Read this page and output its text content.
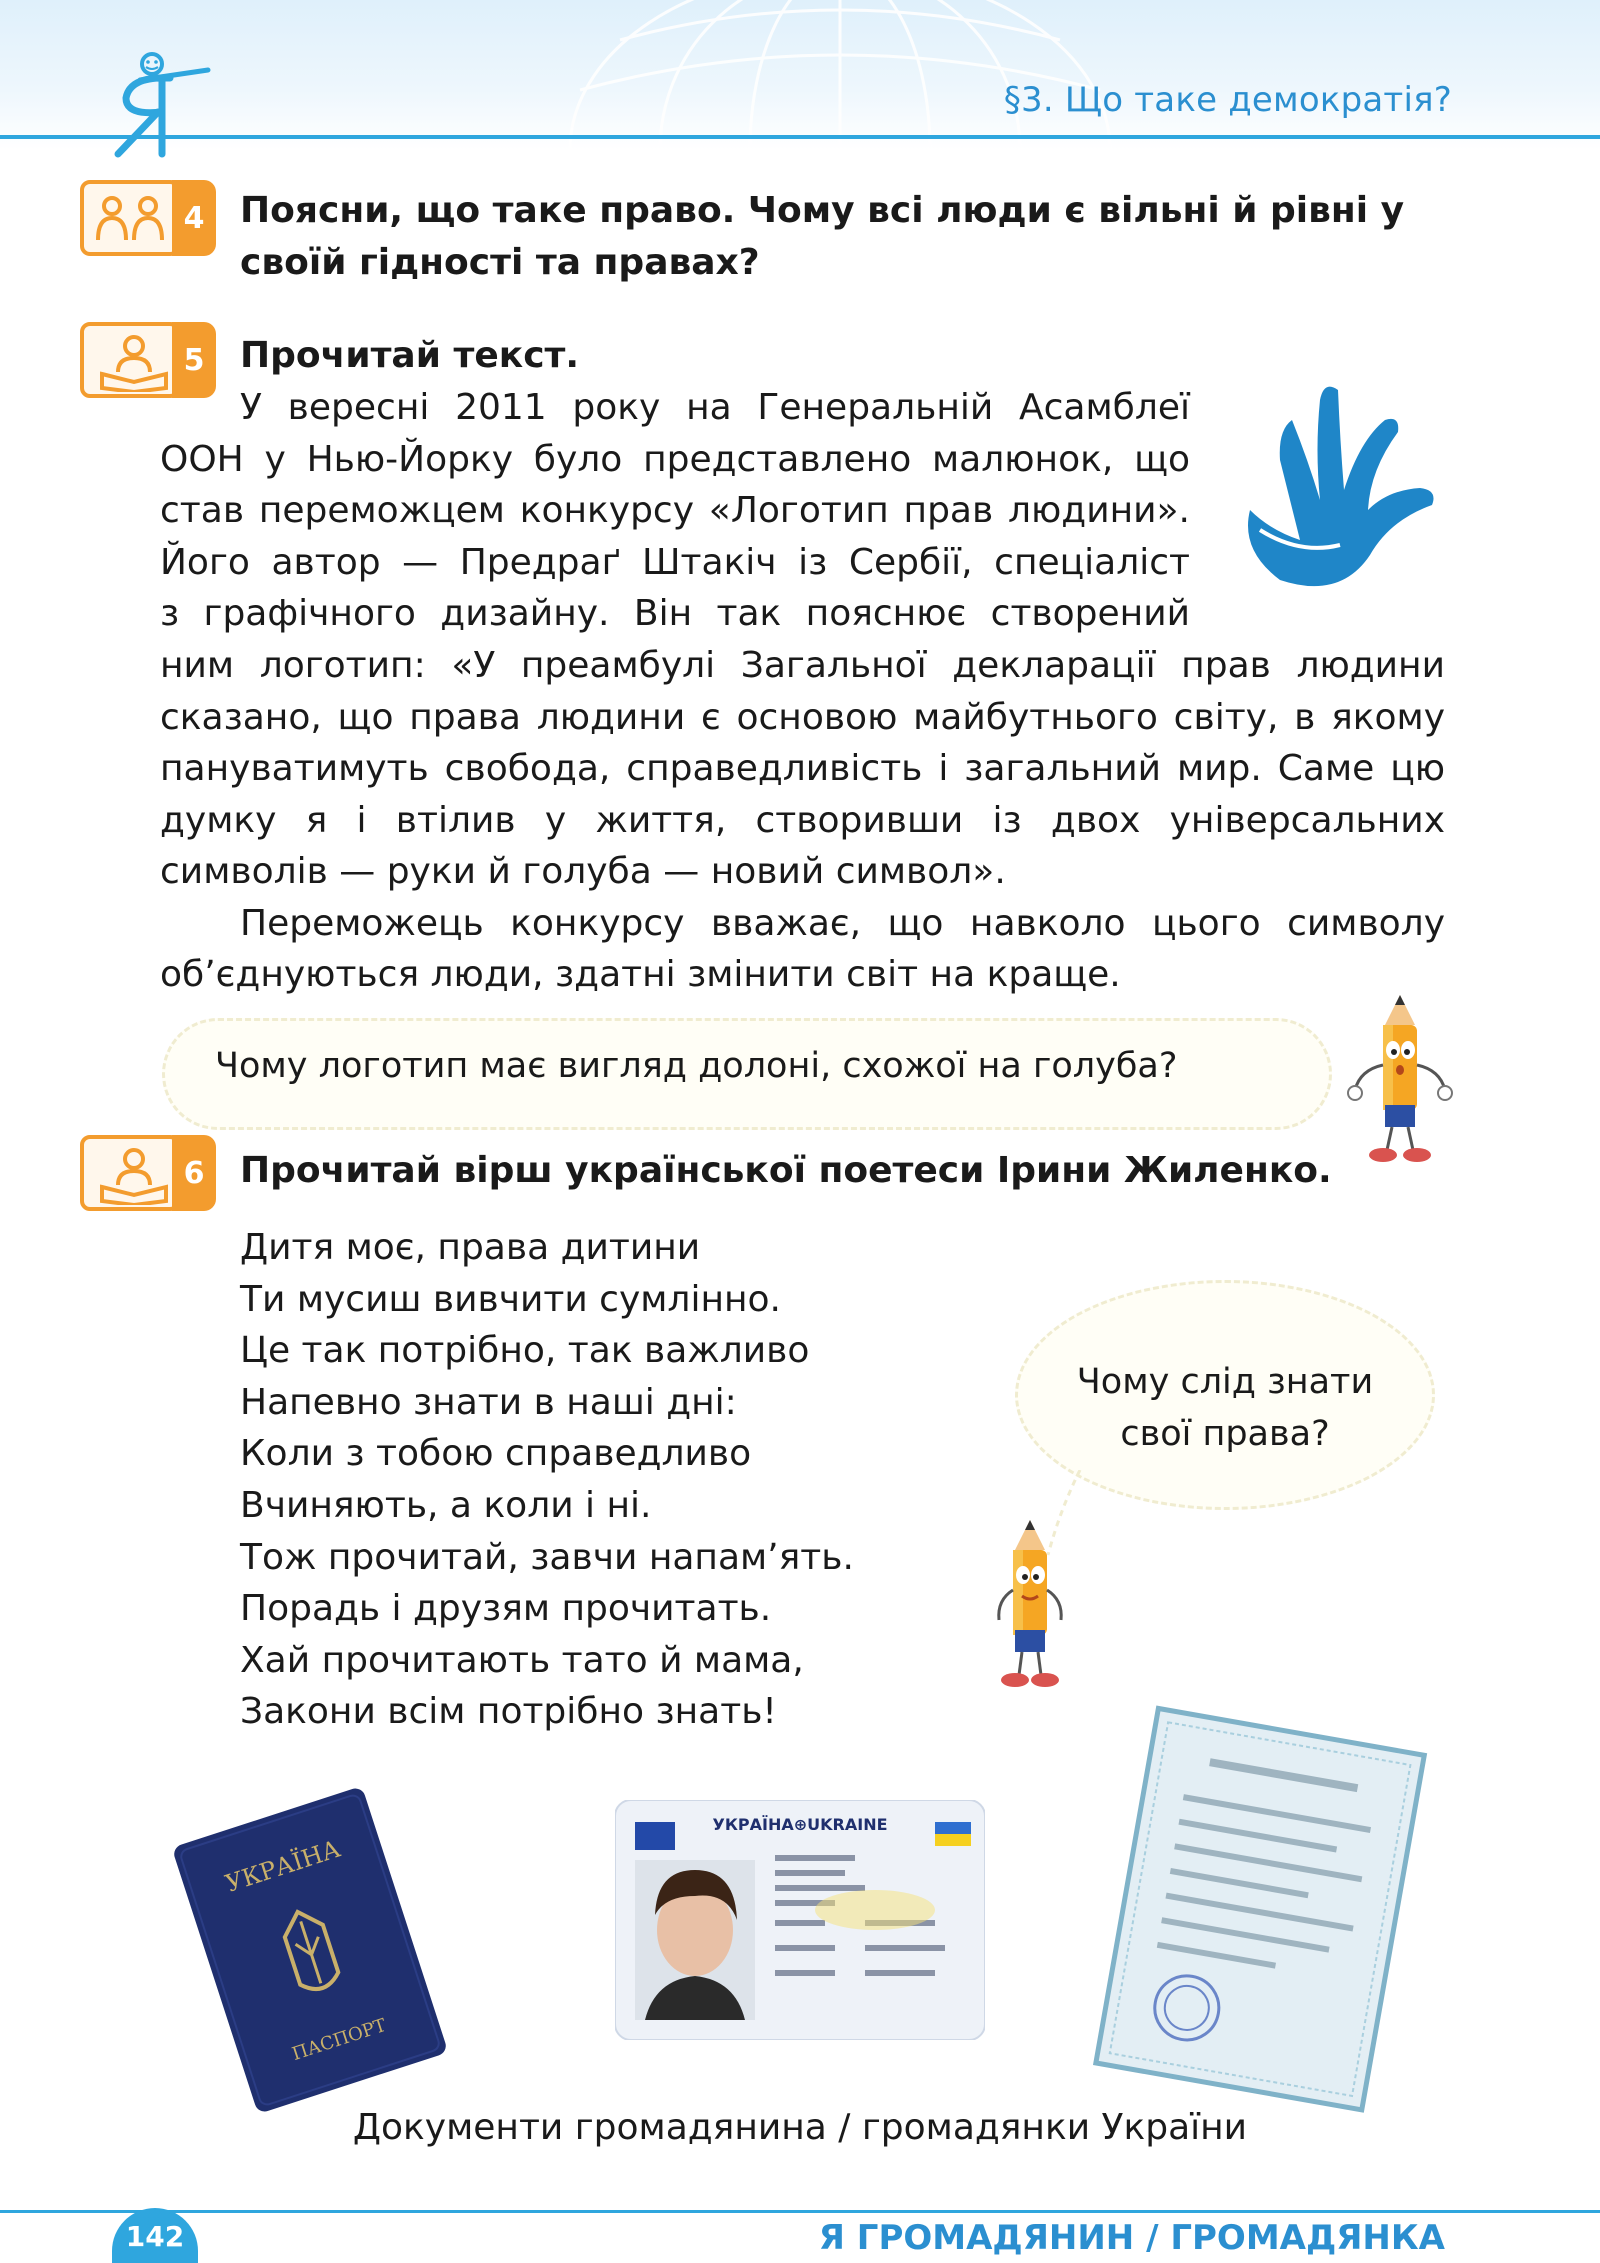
§3. Що таке демократія?
4 Поясни, що таке право. Чому всі люди є вільні й рівні у своїй гідності та правах?
5 Прочитай текст.
У вересні 2011 року на Генеральній Асамблеї
ООН у Нью-Йорку було представлено малюнок, що
став переможцем конкурсу «Логотип прав людини».
Його автор — Предраґ Штакіч із Сербії, спеціаліст
з графічного дизайну. Він так пояснює створений

ним логотип: «У преамбулі Загальної декларації прав людини сказано, що права людини є основою майбутнього світу, в якому пануватимуть свобода, справедливість і загальний мир. Саме цю думку я і втілив у життя, створивши із двох універсальних символів — руки й голуба — новий символ».

Переможець конкурсу вважає, що навколо цього символу об’єднуються люди, здатні змінити світ на краще.

Чому логотип має вигляд долоні, схожої на голуба?
6 Прочитай вірш української поетеси Ірини Жиленко.
Дитя моє, права дитини
Ти мусиш вивчити сумлінно.
Це так потрібно, так важливо
Напевно знати в наші дні:
Коли з тобою справедливо
Вчиняють, а коли і ні.
Тож прочитай, завчи напам’ять.
Порадь і друзям прочитать.
Хай прочитають тато й мама,
Закони всім потрібно знать!
Чому слід знати
свої права?
УКРАЇНА
ПАСПОРТ
УКРАЇНА⊕UKRAINE
Документи громадянина / громадянки України
142	Я ГРОМАДЯНИН / ГРОМАДЯНКА
